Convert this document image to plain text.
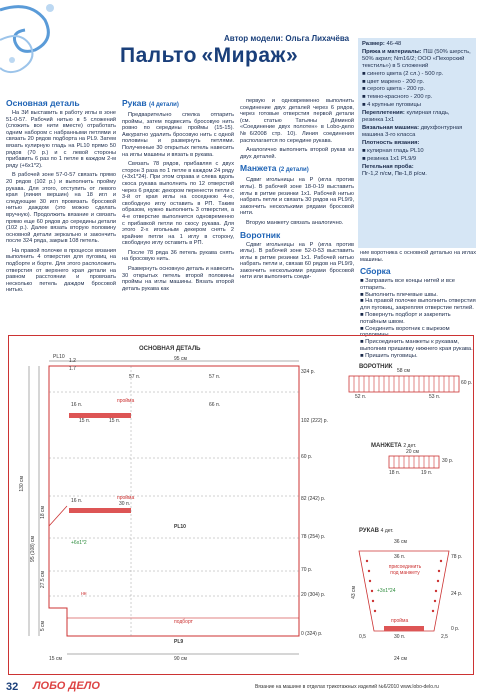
Автор модели: Ольга Лихачёва
Пальто «Мираж»
Основная деталь

На ЗИ выставить в работу иглы в зоне 51-0-57. Рабочий нитью в 5 сложений (сложить все нити вместе) отработать одним набором с набранными петлями и связать 20 рядов подборта на PL9. Затем вязать кулирную гладь на PL10 прямо 50 рядов (70 р.) и с левой стороны прибавить 6 раз по 1 петле в каждом 2-м ряду (+6х1*2).

В рабочей зоне 57-0-57 связать прямо 20 рядов (102 р.) и выполнить пройму рукава. Для этого, отступить от левого края (линия вершин) на 18 игл и следующие 30 игл провязать бросовой нитью даждом (это можно сделать вручную). Продолжить вязание и связать прямо еще 60 рядов до середины детали (102 р.). Далее вязать вторую половину основной детали зеркально и закончить после 324 ряда, закрыв 108 петель.

На правой полочке в процессе вязания выполнить 4 отверстия для пуговиц на подборте и борте. Для этого расположить отверстия от верхнего края детали на равном расстоянии и провязать несколько петель даждом бросовой нитью.

Рукав (4 детали)

Предварительно спелка отпарить проймы, затем подвесить бросовую нить ровно по середины проймы (15-15). Аккуратно удалить бросовую нить с одной половины и развернуть петлями. Полученные 30 открытых петель навесить на иглы машины и вязать в рукава.

Связать 78 рядов, прибавляя с двух сторон 3 раза по 1 петле в каждом 24 ряду (+3х1*24). При этом справа и слева вдоль скоса рукава выполнить по 12 отверстий через 6 рядов: декором перенести петли с 3-й от края иглы на соседнюю 4-ю, свободную иглу оставить в РП. Таким образом, нужно выполнить 3 отверстия, а 4-е отверстие выполнится одновременно с прибавкой петли по скосу рукава. Для этого 2-х игольным декером снять 2 крайние петли на 1 иглу в сторону, свободную иглу оставить в РП.

После 78 ряда 36 петель рукава снять на бросовую нить.

Развернуть основную деталь и навесить 30 открытых петель второй половины проймы на иглы машины. Вязать второй деталь рукава как

первую и одновременно выполнить соединение двух деталей через 6 рядов, через готовые отверстия первой детали (см. статью Татьяны Дёминой «Соединение двух полотен» в Lobo-дело №6/2008 стр. 10). Линия соединения располагается по середине рукава.

Аналогично выполнить второй рукав из двух деталей.

Манжета (2 детали)

Сдвиг игольницы на Р (игла против иглы). В рабочей зоне 18-0-19 выставить иглы в ритме резинки 1х1. Рабочей нитью набрать петли и связать 30 рядов на PL9/9, закончить несколькими рядами бросовой нити.

Вторую манжету связать аналогично.

Воротник

Сдвиг игольницы на Р (игла против иглы). В рабочей зоне 52-0-53 выставить иглы в ритме резинки 1х1. Рабочей нитью набрать петли и, связав 60 рядов на PL9/9, закончить несколькими рядами бросовой нити или выполнить соеди-

ние воротника с основной деталью на иглах машины.

Размер: 46-48
Пряжа и материалы: ПШ (50% шерсть, 50% акрил; Nm16/2; ООО «Пехорский текстиль») в 5 сложений
■ синего цвета (2 сл.) - 500 гр.
■ цвет марено - 200 гр.
■ серого цвета - 200 гр.
■ темно-красного - 200 гр.
■ 4 крупные пуговицы
Переплетения: кулирная гладь, резинка 1х1
Вязальная машина: двухфонтурная машина 3-го класса
Плотность вязания:
■ кулирная гладь PL10
■ резинка 1х1 PL9/9
Петельная проба:
Пг-1,2 п/см, Пв-1,8 р/см.
Сборка
■ Заправить все концы нитей и все отпарить.
■ Выполнить плечевые швы.
■ На правой полочке выполнить отверстия для пуговиц, закрепляя отверстие петлей.
■ Повернуть подборт и закрепить потайным швом.
■ Соединить воротник с вырезом горловины.
■ Присоединить манжеты к рукавам, выполнив пришивку нижнего края рукава.
■ Пришить пуговицы.
ОСНОВНАЯ ДЕТАЛЬ
ВОРОТНИК
МАНЖЕТА 2 дет.
РУКАВ 4 дет.
PL10
1.7
1.2	95 см
57 п.	57 п.
324 р.
102 (222) р.
60 р.
82 (242) р.
78 (254) р.
70 р.
20 (304) р.
0 (324) р.
15 п.	15 п.
16 п.	66 п.
16 п.
пройма
пройма
30 п.
+6х1*2
PL10
подборт
PL9
90 см
15 см
130 см
95 (108) см
27.5 см
18 см
5 см
нн
58 см
52 п.	53 п.
60 р.
20 см
18 п.	19 п.
30 р.
36 см
36 п.	78 р.
24 р.
0 р.
43 см
присоединить под манжету
+3х1*24
пройма
30 п.
24 см
0,5	2,5
32 ЛОБО ДЕЛО	Вязание на машине в отделах трикотажных изделий №6/2010 www.lobo-delo.ru
